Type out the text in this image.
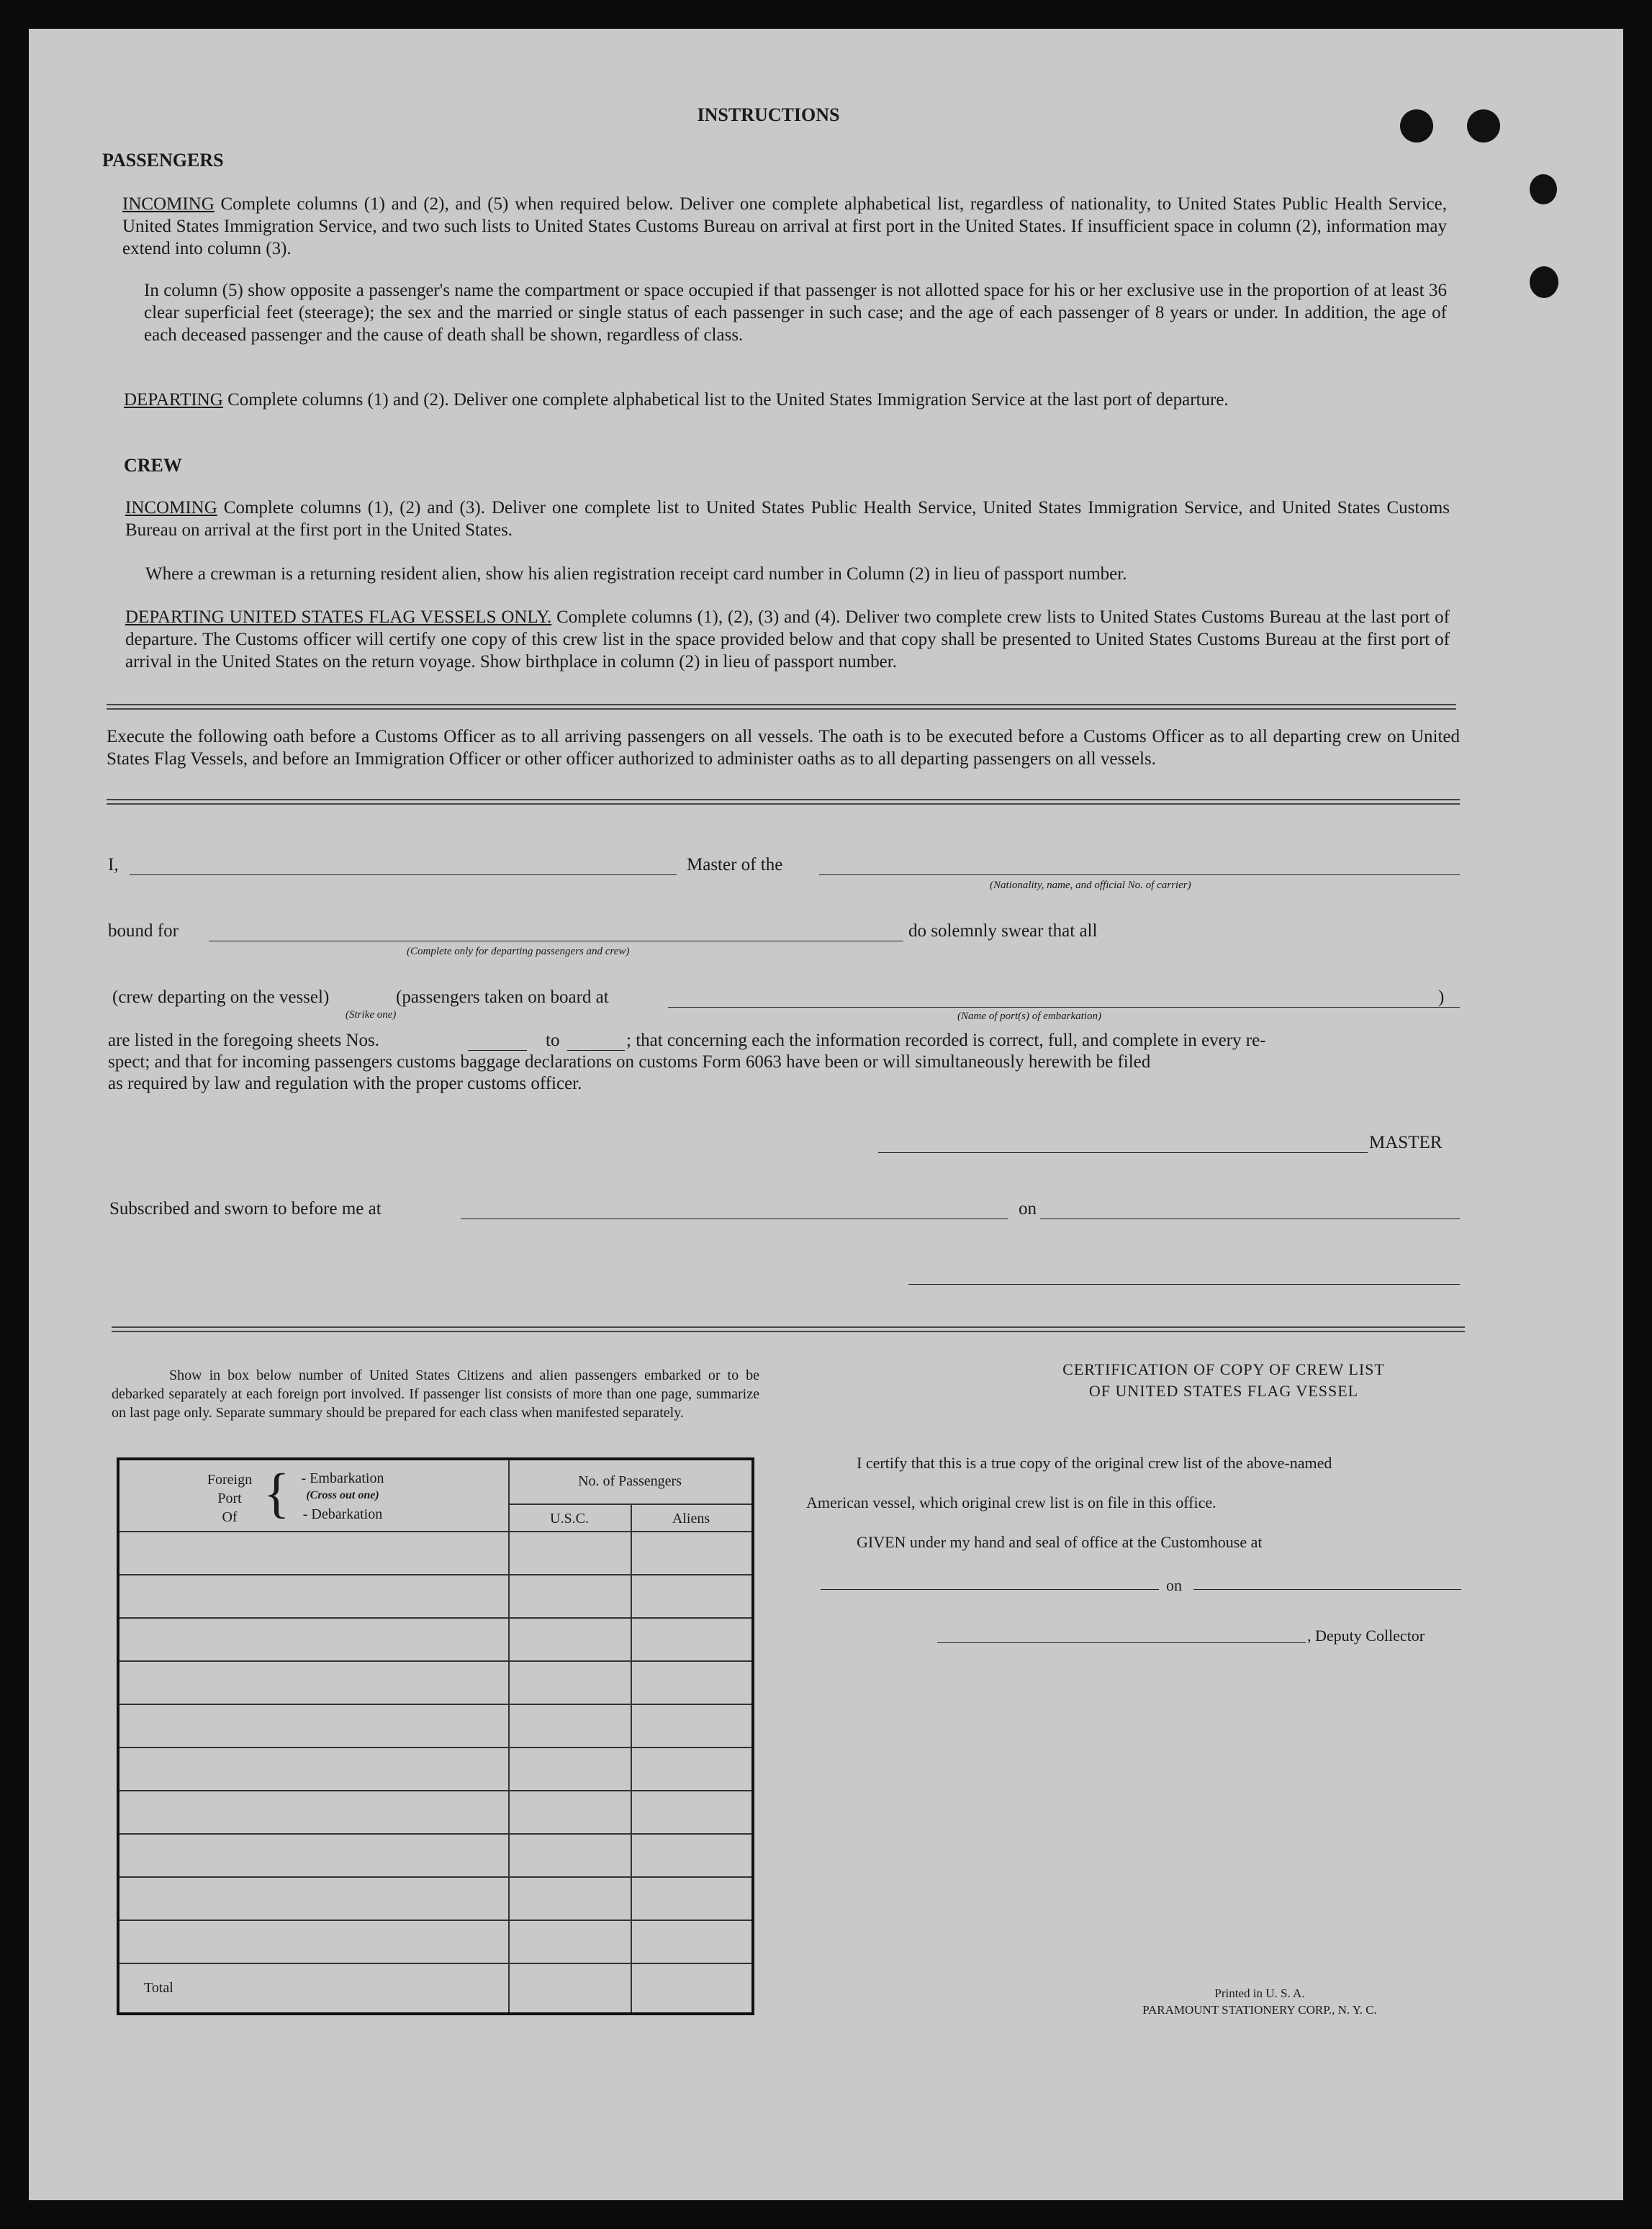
INSTRUCTIONS
PASSENGERS
INCOMING Complete columns (1) and (2), and (5) when required below. Deliver one complete alphabetical list, regardless of nationality, to United States Public Health Service, United States Immigration Service, and two such lists to United States Customs Bureau on arrival at first port in the United States. If insufficient space in column (2), information may extend into column (3).
In column (5) show opposite a passenger's name the compartment or space occupied if that passenger is not allotted space for his or her exclusive use in the proportion of at least 36 clear superficial feet (steerage); the sex and the married or single status of each passenger in such case; and the age of each passenger of 8 years or under. In addition, the age of each deceased passenger and the cause of death shall be shown, regardless of class.
DEPARTING Complete columns (1) and (2). Deliver one complete alphabetical list to the United States Immigration Service at the last port of departure.
CREW
INCOMING Complete columns (1), (2) and (3). Deliver one complete list to United States Public Health Service, United States Immigration Service, and United States Customs Bureau on arrival at the first port in the United States.
Where a crewman is a returning resident alien, show his alien registration receipt card number in Column (2) in lieu of passport number.
DEPARTING UNITED STATES FLAG VESSELS ONLY. Complete columns (1), (2), (3) and (4). Deliver two complete crew lists to United States Customs Bureau at the last port of departure. The Customs officer will certify one copy of this crew list in the space provided below and that copy shall be presented to United States Customs Bureau at the first port of arrival in the United States on the return voyage. Show birthplace in column (2) in lieu of passport number.
Execute the following oath before a Customs Officer as to all arriving passengers on all vessels. The oath is to be executed before a Customs Officer as to all departing crew on United States Flag Vessels, and before an Immigration Officer or other officer authorized to administer oaths as to all departing passengers on all vessels.
I,	Master of the
(Nationality, name, and official No. of carrier)
bound for
(Complete only for departing passengers and crew)
do solemnly swear that all
(crew departing on the vessel)	(passengers taken on board at	)
(Strike one)	(Name of port(s) of embarkation)
are listed in the foregoing sheets Nos.	to	; that concerning each the information recorded is correct, full, and complete in every re-
spect; and that for incoming passengers customs baggage declarations on customs Form 6063 have been or will simultaneously herewith be filed
as required by law and regulation with the proper customs officer.
MASTER
Subscribed and sworn to before me at	on
Show in box below number of United States Citizens and alien passengers embarked or to be debarked separately at each foreign port involved. If passenger list consists of more than one page, summarize on last page only. Separate summary should be prepared for each class when manifested separately.
Foreign
Port
Of { - Embarkation
(Cross out one)
- Debarkation
No. of Passengers
U.S.C.	Aliens
Total
CERTIFICATION OF COPY OF CREW LIST
OF UNITED STATES FLAG VESSEL
I certify that this is a true copy of the original crew list of the above-named
American vessel, which original crew list is on file in this office.
GIVEN under my hand and seal of office at the Customhouse at
on
, Deputy Collector
Printed in U. S. A.
PARAMOUNT STATIONERY CORP., N. Y. C.
